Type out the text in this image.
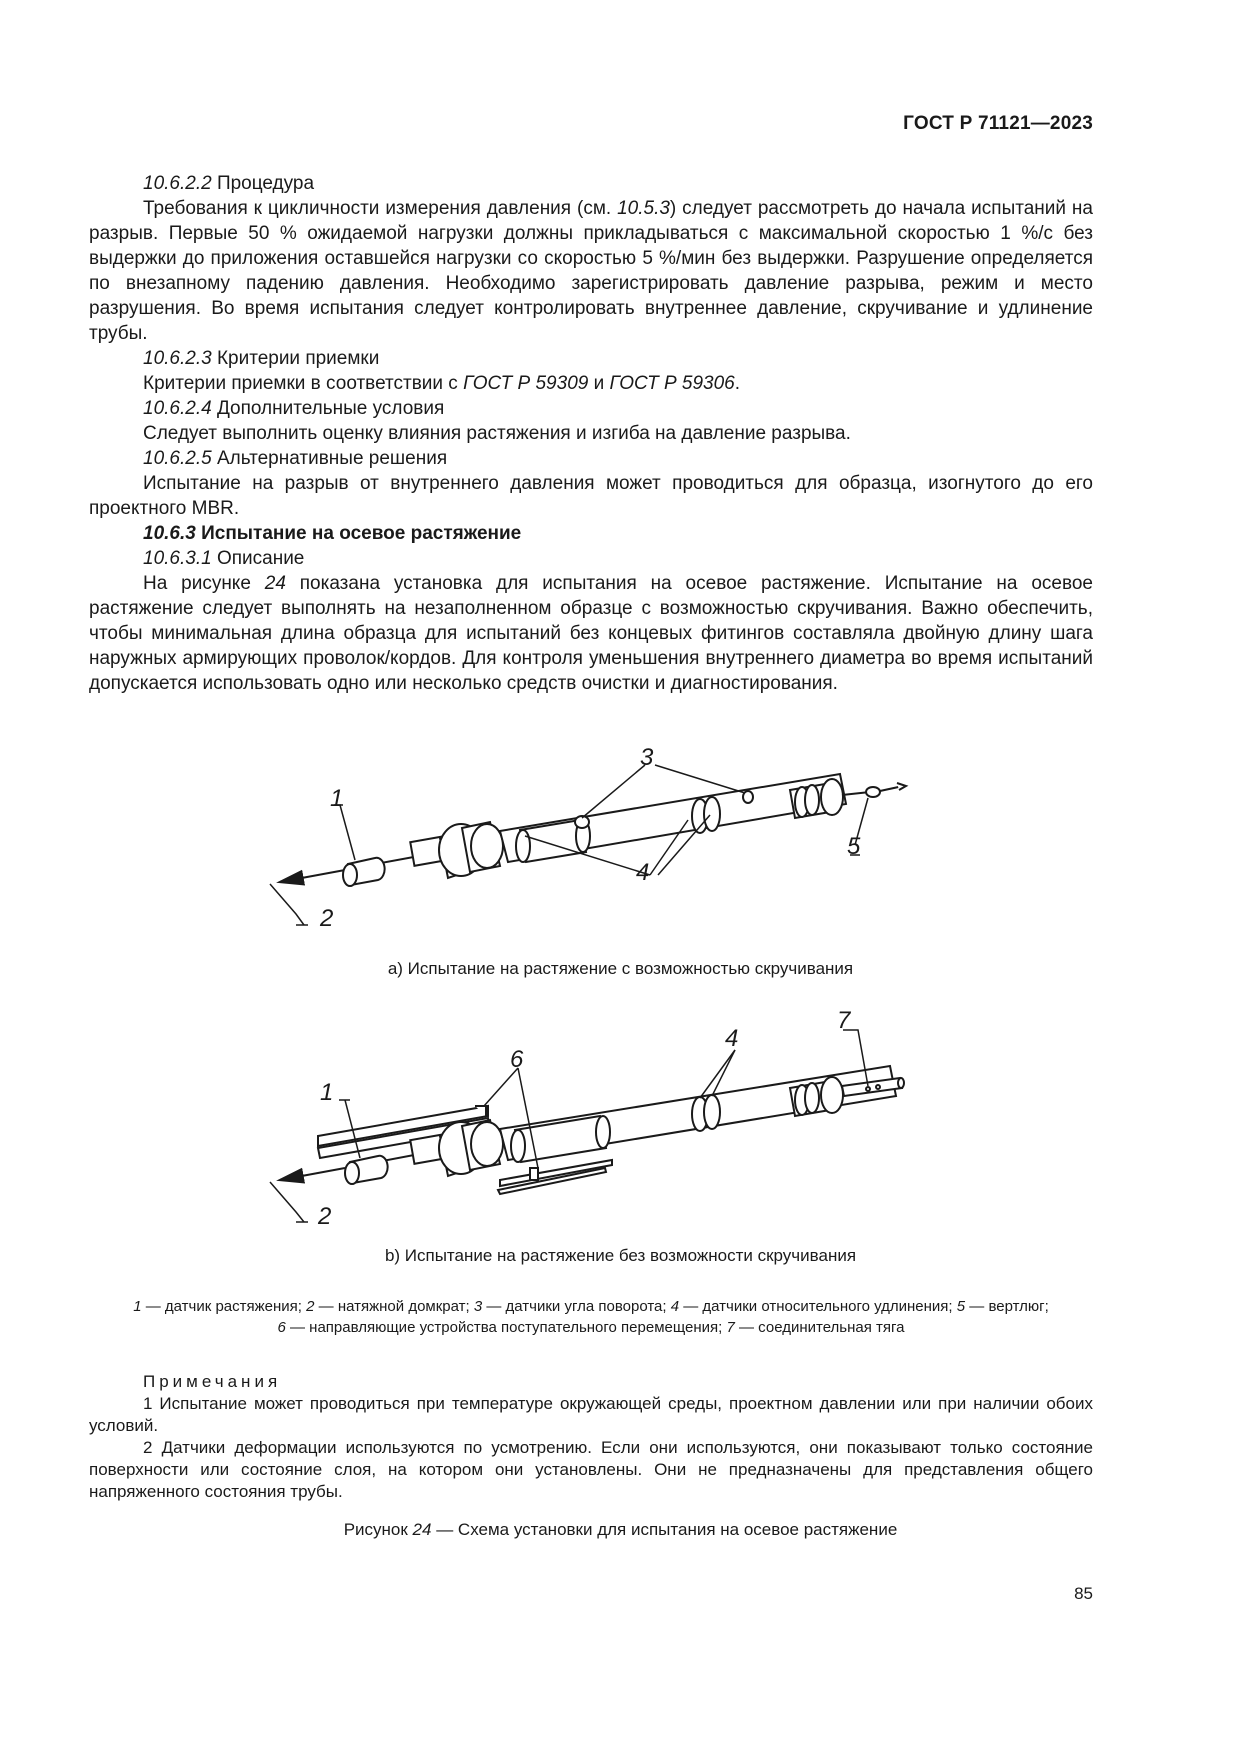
ГОСТ Р 71121—2023

10.6.2.2 Процедура

Требования к цикличности измерения давления (см. 10.5.3) следует рассмотреть до начала испытаний на разрыв. Первые 50 % ожидаемой нагрузки должны прикладываться с максимальной скоростью 1 %/с без выдержки до приложения оставшейся нагрузки со скоростью 5 %/мин без выдержки. Разрушение определяется по внезапному падению давления. Необходимо зарегистрировать давление разрыва, режим и место разрушения. Во время испытания следует контролировать внутреннее давление, скручивание и удлинение трубы.

10.6.2.3 Критерии приемки

Критерии приемки в соответствии с ГОСТ Р 59309 и ГОСТ Р 59306.

10.6.2.4 Дополнительные условия

Следует выполнить оценку влияния растяжения и изгиба на давление разрыва.

10.6.2.5 Альтернативные решения

Испытание на разрыв от внутреннего давления может проводиться для образца, изогнутого до его проектного MBR.

10.6.3 Испытание на осевое растяжение

10.6.3.1 Описание

На рисунке 24 показана установка для испытания на осевое растяжение. Испытание на осевое растяжение следует выполнять на незаполненном образце с возможностью скручивания. Важно обеспечить, чтобы минимальная длина образца для испытаний без концевых фитингов составляла двойную длину шага наружных армирующих проволок/кордов. Для контроля уменьшения внутреннего диаметра во время испытаний допускается использовать одно или несколько средств очистки и диагностирования.

1
2
3
4
5
1
2
4
6
7
а) Испытание на растяжение с возможностью скручивания
b) Испытание на растяжение без возможности скручивания
1 — датчик растяжения; 2 — натяжной домкрат; 3 — датчики угла поворота; 4 — датчики относительного удлинения; 5 — вертлюг;
6 — направляющие устройства поступательного перемещения; 7 — соединительная тяга

Примечания

1 Испытание может проводиться при температуре окружающей среды, проектном давлении или при наличии обоих условий.

2 Датчики деформации используются по усмотрению. Если они используются, они показывают только состояние поверхности или состояние слоя, на котором они установлены. Они не предназначены для представления общего напряженного состояния трубы.

Рисунок 24 — Схема установки для испытания на осевое растяжение
85
